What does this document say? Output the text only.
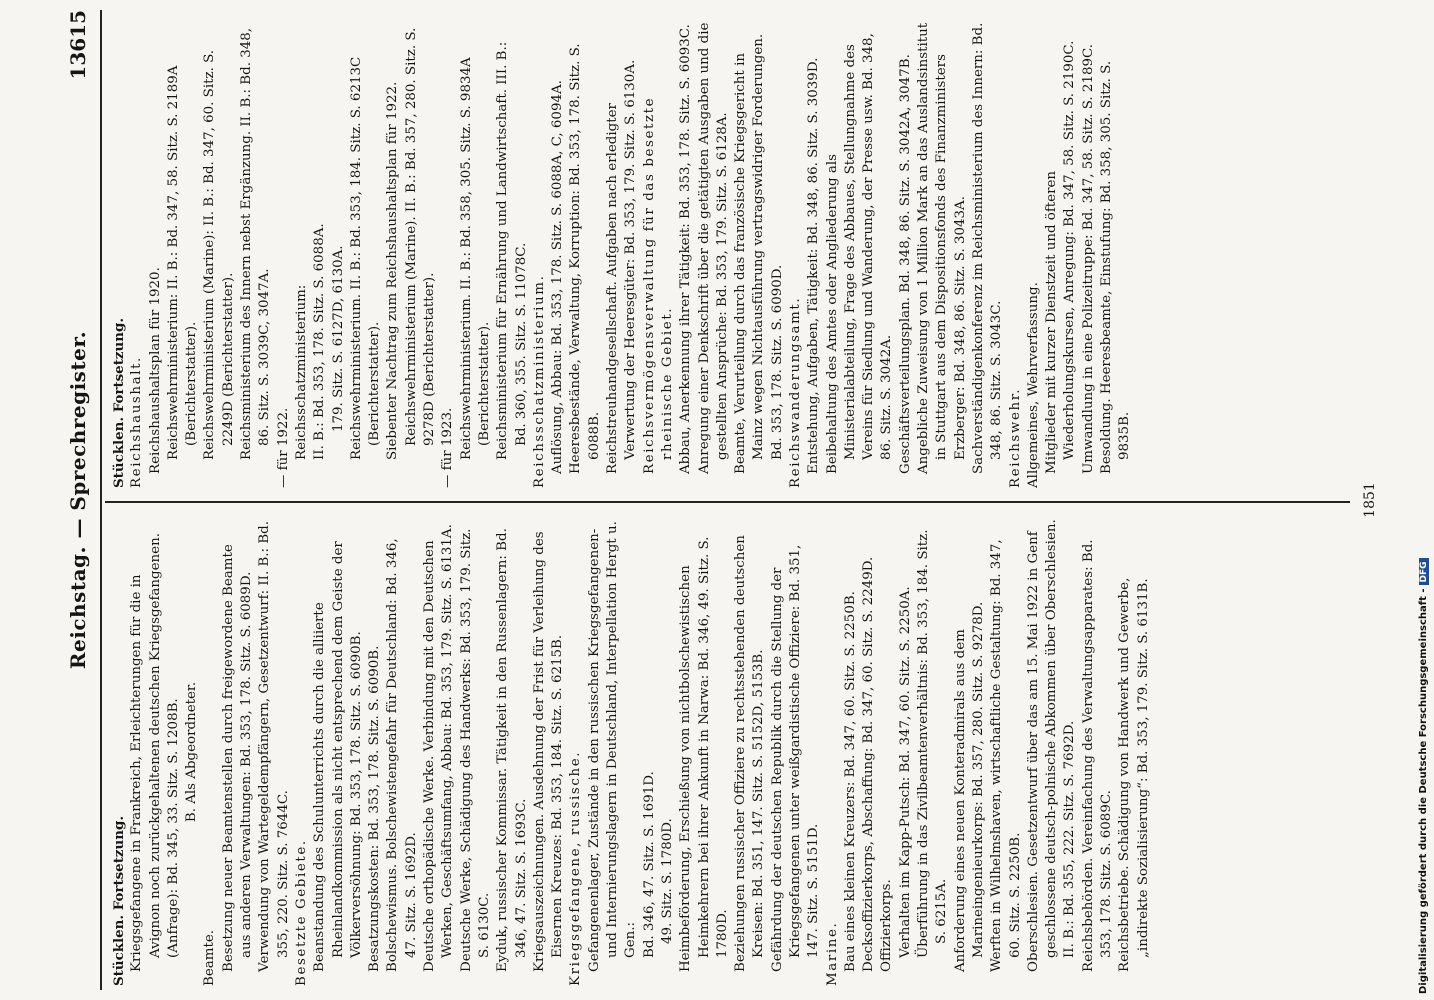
Reichstag. — Sprechregister.
13615

Stücklen. Fortsetzung. Kriegsgefangene in Frankreich, Erleichterungen für die in Avignon noch zurückgehaltenen deutschen Kriegsgefangenen. (Anfrage): Bd. 345, 33. Sitz. S. 1208B. B. Als Abgeordneter.

Beamte. Besetzung neuer Beamtenstellen durch freigewordene Beamte aus anderen Verwaltungen: Bd. 353, 178. Sitz. S. 6089D. Verwendung von Wartegeldempfängern, Gesetzentwurf: II. B.: Bd. 355, 220. Sitz. S. 7644C. Besetzte Gebiete. Beanstandung des Schulunterrichts durch die alliierte Rheinlandkommission als nicht entsprechend dem Geiste der Völkerversöhnung: Bd. 353, 178. Sitz. S. 6090B. Besatzungskosten: Bd. 353, 178. Sitz. S. 6090B. Bolschewismus. Bolschewistengefahr für Deutschland: Bd. 346, 47. Sitz. S. 1692D. Deutsche orthopädische Werke. Verbindung mit den Deutschen Werken, Geschäftsumfang, Abbau: Bd. 353, 179. Sitz. S. 6131A. Deutsche Werke, Schädigung des Handwerks: Bd. 353, 179. Sitz. S. 6130C. Eyduk, russischer Kommissar. Tätigkeit in den Russenlagern: Bd. 346, 47. Sitz. S. 1693C. Kriegsauszeichnungen. Ausdehnung der Frist für Verleihung des Eisernen Kreuzes: Bd. 353, 184. Sitz. S. 6215B. Kriegsgefangene, russische. Gefangenenlager, Zustände in den russischen Kriegsgefangenen- und Internierungslagern in Deutschland, Interpellation Hergt u. Gen.: Bd. 346, 47. Sitz. S. 1691D. 49. Sitz. S. 1780D. Heimbeförderung, Erschießung von nichtbolschewistischen Heimkehrern bei ihrer Ankunft in Narwa: Bd. 346, 49. Sitz. S. 1780D. Beziehungen russischer Offiziere zu rechtsstehenden deutschen Kreisen: Bd. 351, 147. Sitz. S. 5152D, 5153B. Gefährdung der deutschen Republik durch die Stellung der Kriegsgefangenen unter weißgardistische Offiziere: Bd. 351, 147. Sitz. S. 5151D. Marine. Bau eines kleinen Kreuzers: Bd. 347, 60. Sitz. S. 2250B. Decksoffizierkorps, Abschaffung: Bd. 347, 60. Sitz. S. 2249D. Offizierkorps. Verhalten im Kapp-Putsch: Bd. 347, 60. Sitz. S. 2250A. Überführung in das Zivilbeamtenverhältnis: Bd. 353, 184. Sitz. S. 6215A. Anforderung eines neuen Konteradmirals aus dem Marineingenieurkorps: Bd. 357, 280. Sitz. S. 9278D. Werften in Wilhelmshaven, wirtschaftliche Gestaltung: Bd. 347, 60. Sitz. S. 2250B. Oberschlesien. Gesetzentwurf über das am 15. Mai 1922 in Genf geschlossene deutsch-polnische Abkommen über Oberschlesien. II. B.: Bd. 355, 222. Sitz. S. 7692D. Reichsbehörden. Vereinfachung des Verwaltungsapparates: Bd. 353, 178. Sitz. S. 6089C. Reichsbetriebe. Schädigung von Handwerk und Gewerbe, „indirekte Sozialisierung“: Bd. 353, 179. Sitz. S. 6131B.

Stücklen. Fortsetzung. Reichshaushalt. Reichshaushaltsplan für 1920. Reichswehrministerium: II. B.: Bd. 347, 58. Sitz. S. 2189A (Berichterstatter). Reichswehrministerium (Marine): II. B.: Bd. 347, 60. Sitz. S. 2249D (Berichterstatter). Reichsministerium des Innern nebst Ergänzung. II. B.: Bd. 348, 86. Sitz. S. 3039C, 3047A.

— für 1922. Reichsschatzministerium: II. B.: Bd. 353, 178. Sitz. S. 6088A. 179. Sitz. S. 6127D, 6130A. Reichswehrministerium. II. B.: Bd. 353, 184. Sitz. S. 6213C (Berichterstatter). Siebenter Nachtrag zum Reichshaushaltsplan für 1922. Reichswehrministerium (Marine). II. B.: Bd. 357, 280. Sitz. S. 9278D (Berichterstatter).

— für 1923. Reichswehrministerium. II. B.: Bd. 358, 305. Sitz. S. 9834A (Berichterstatter). Reichsministerium für Ernährung und Landwirtschaft. III. B.: Bd. 360, 355. Sitz. S. 11078C. Reichsschatzministerium. Auflösung, Abbau: Bd. 353, 178. Sitz. S. 6088A, C, 6094A. Heeresbestände, Verwaltung, Korruption: Bd. 353, 178. Sitz. S. 6088B. Reichstreuhandgesellschaft. Aufgaben nach erledigter Verwertung der Heeresgüter: Bd. 353, 179. Sitz. S. 6130A. Reichsvermögensverwaltung für das besetzte rheinische Gebiet. Abbau, Anerkennung ihrer Tätigkeit: Bd. 353, 178. Sitz. S. 6093C. Anregung einer Denkschrift über die getätigten Ausgaben und die gestellten Ansprüche: Bd. 353, 179. Sitz. S. 6128A. Beamte, Verurteilung durch das französische Kriegsgericht in Mainz wegen Nichtausführung vertragswidriger Forderungen. Bd. 353, 178. Sitz. S. 6090D. Reichswanderungsamt. Entstehung, Aufgaben, Tätigkeit: Bd. 348, 86. Sitz. S. 3039D. Beibehaltung des Amtes oder Angliederung als Ministerialabteilung, Frage des Abbaues, Stellungnahme des Vereins für Siedlung und Wanderung, der Presse usw. Bd. 348, 86. Sitz. S. 3042A. Geschäftsverteilungsplan. Bd. 348, 86. Sitz. S. 3042A, 3047B. Angebliche Zuweisung von 1 Million Mark an das Auslandsinstitut in Stuttgart aus dem Dispositionsfonds des Finanzministers Erzberger: Bd. 348, 86. Sitz. S. 3043A. Sachverständigenkonferenz im Reichsministerium des Innern: Bd. 348, 86. Sitz. S. 3043C. Reichswehr. Allgemeines, Wehrverfassung. Mitglieder mit kurzer Dienstzeit und öfteren Wiederholungskursen, Anregung: Bd. 347, 58. Sitz. S. 2190C. Umwandlung in eine Polizeitruppe: Bd. 347, 58. Sitz. S. 2189C. Besoldung. Heeresbeamte, Einstufung: Bd. 358, 305. Sitz. S. 9835B.

1851
Digitalisierung gefördert durch die Deutsche Forschungsgemeinschaft -DFG
